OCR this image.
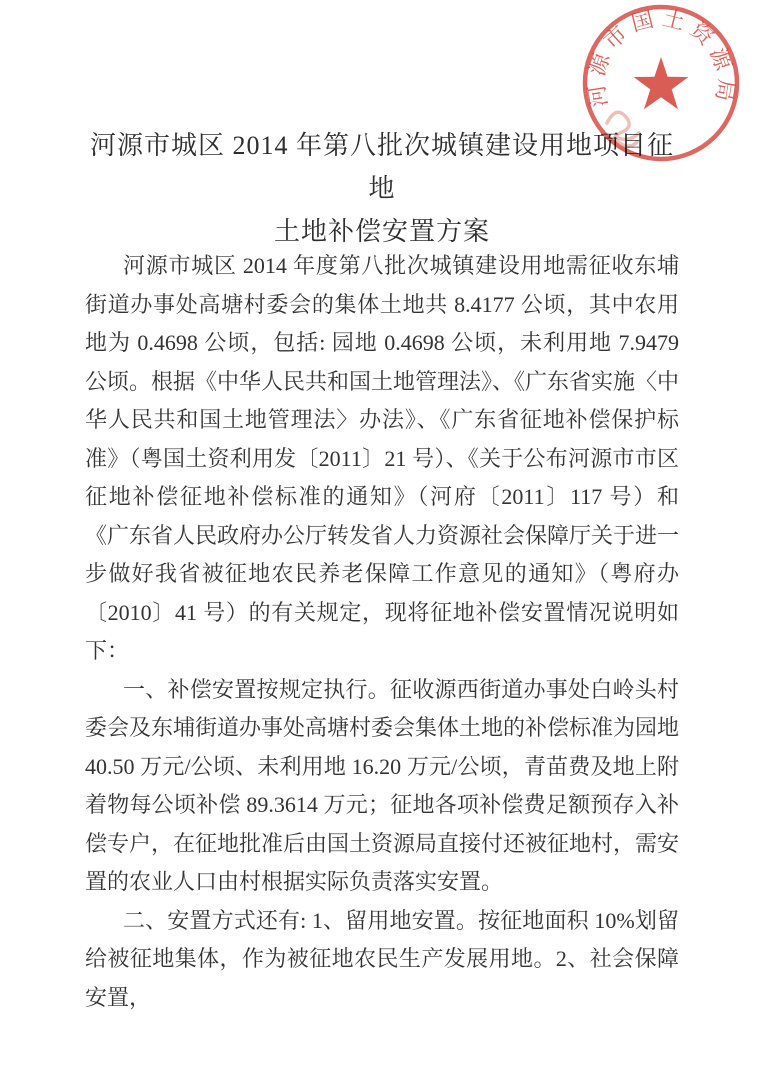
河源市城区 2014 年第八批次城镇建设用地项目征地
土地补偿安置方案

河源市城区 2014 年度第八批次城镇建设用地需征收东埔街道办事处高塘村委会的集体土地共 8.4177 公顷，其中农用地为 0.4698 公顷，包括: 园地 0.4698 公顷，未利用地 7.9479 公顷。根据《中华人民共和国土地管理法》、《广东省实施〈中华人民共和国土地管理法〉办法》、《广东省征地补偿保护标准》（粤国土资利用发〔2011〕21 号）、《关于公布河源市市区征地补偿征地补偿标准的通知》（河府〔2011〕117 号）和《广东省人民政府办公厅转发省人力资源社会保障厅关于进一步做好我省被征地农民养老保障工作意见的通知》（粤府办〔2010〕41 号）的有关规定，现将征地补偿安置情况说明如下：

一、补偿安置按规定执行。征收源西街道办事处白岭头村委会及东埔街道办事处高塘村委会集体土地的补偿标准为园地 40.50 万元/公顷、未利用地 16.20 万元/公顷，青苗费及地上附着物每公顷补偿 89.3614 万元；征地各项补偿费足额预存入补偿专户，在征地批准后由国土资源局直接付还被征地村，需安置的农业人口由村根据实际负责落实安置。

二、安置方式还有: 1、留用地安置。按征地面积 10%划留给被征地集体，作为被征地农民生产发展用地。2、社会保障安置，

河源市国土资源局
